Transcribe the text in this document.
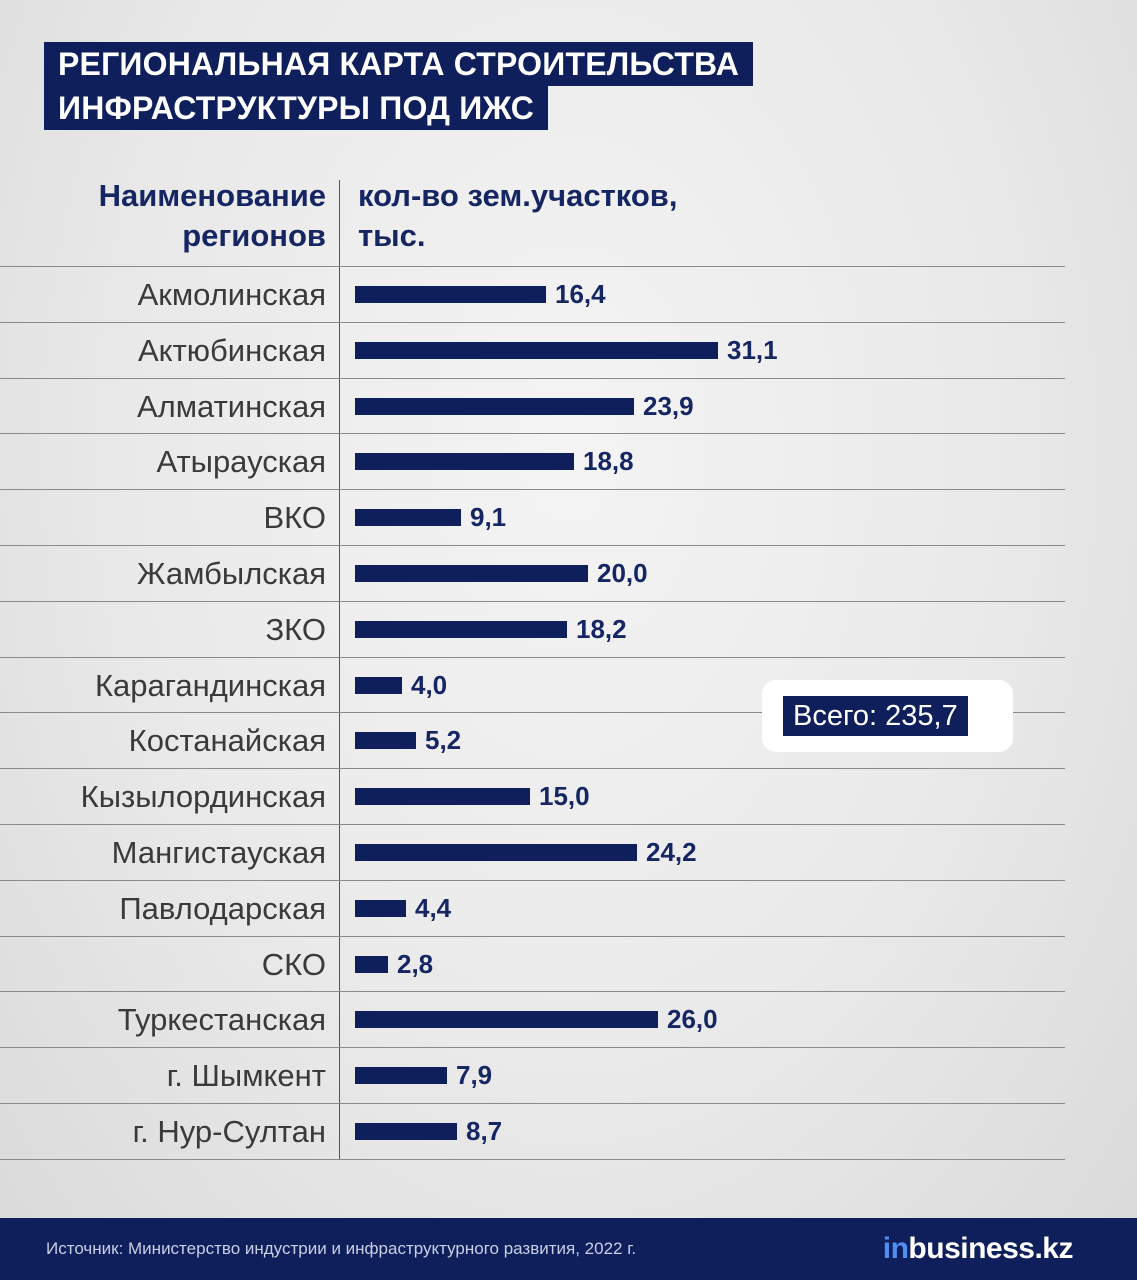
РЕГИОНАЛЬНАЯ КАРТА СТРОИТЕЛЬСТВА
ИНФРАСТРУКТУРЫ ПОД ИЖС
Наименование
регионов
кол-во зем.участков,
тыс.
Акмолинская	16,4
Актюбинская	31,1
Алматинская	23,9
Атырауская	18,8
ВКО	9,1
Жамбылская	20,0
ЗКО	18,2
Карагандинская	4,0
Костанайская	5,2
Кызылординская	15,0
Мангистауская	24,2
Павлодарская	4,4
СКО	2,8
Туркестанская	26,0
г. Шымкент	7,9
г. Нур-Султан	8,7
Всего: 235,7
Источник: Министерство индустрии и инфраструктурного развития, 2022 г.	inbusiness.kz
